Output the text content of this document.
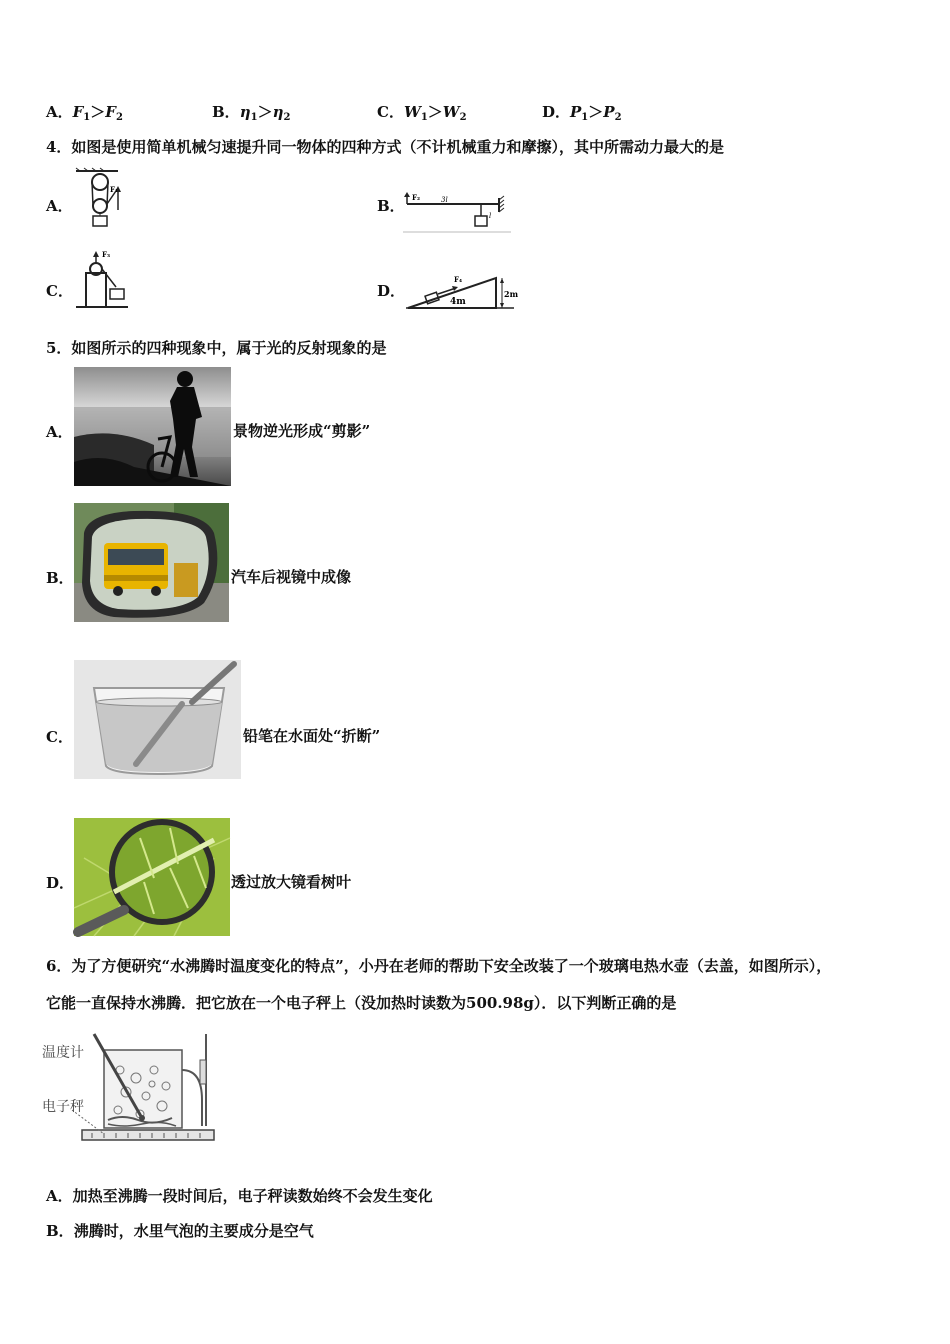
A．$F_1>F_2$	B．$\eta_1>\eta_2$	C．$W_1>W_2$	D．$P_1>P_2$
4．如图是使用简单机械匀速提升同一物体的四种方式（不计机械重力和摩擦），其中所需动力最大的是
A．
F₁
B． F₂	3l
l
C．
F₃
D．
F₄
4m
2m
5．如图所示的四种现象中，属于光的反射现象的是
A．	景物逆光形成“剪影”
B．	汽车后视镜中成像
C．	铅笔在水面处“折断”
D．	透过放大镜看树叶
6．为了方便研究“水沸腾时温度变化的特点”，小丹在老师的帮助下安全改装了一个玻璃电热水壶（去盖，如图所示），
它能一直保持水沸腾．把它放在一个电子秤上（没加热时读数为500.98g）．以下判断正确的是
温度计
电子秤
A．加热至沸腾一段时间后，电子秤读数始终不会发生变化
B．沸腾时，水里气泡的主要成分是空气
